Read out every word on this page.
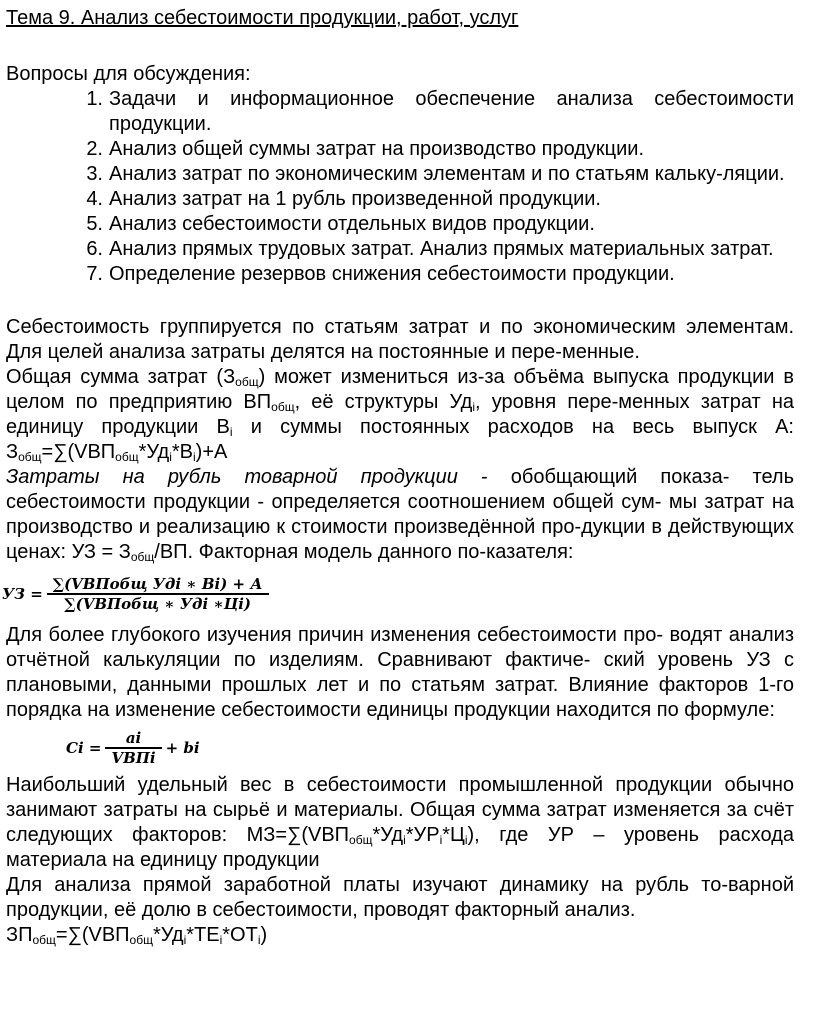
Тема 9. Анализ себестоимости продукции, работ, услуг

Вопросы для обсуждения:

1. Задачи и информационное обеспечение анализа себестоимости продукции.
2. Анализ общей суммы затрат на производство продукции.
3. Анализ затрат по экономическим элементам и по статьям кальку-ляции.
4. Анализ затрат на 1 рубль произведенной продукции.
5. Анализ себестоимости отдельных видов продукции.
6. Анализ прямых трудовых затрат. Анализ прямых материальных затрат.
7. Определение резервов снижения себестоимости продукции.

Себестоимость группируется по статьям затрат и по экономическим элементам. Для целей анализа затраты делятся на постоянные и пере-менные.

Общая сумма затрат $(З_{общ})$ может измениться из-за объёма выпуска продукции в целом по предприятию $ВП_{общ}$, её структуры $Уд_i$, уровня пере-менных затрат на единицу продукции $В_i$ и суммы постоянных расходов на весь выпуск А: $З_{общ}=\sum(VВП_{общ}*Уд_i*В_i)+А$

Затраты на рубль товарной продукции - обобщающий показа- тель себестоимости продукции - определяется соотношением общей сум- мы затрат на производство и реализацию к стоимости произведённой про-дукции в действующих ценах: УЗ = $З_{общ}/ВП$. Факторная модель данного по-казателя:

УЗ = $\frac{\text{∑(VВПобщ Удi ∗ Вi) + А}}{\text{∑(VВПобщ ∗ Удi ∗Цi)}}$

Для более глубокого изучения причин изменения себестоимости про- водят анализ отчётной калькуляции по изделиям. Сравнивают фактиче- ский уровень УЗ с плановыми, данными прошлых лет и по статьям затрат. Влияние факторов 1-го порядка на изменение себестоимости единицы продукции находится по формуле:

$Ci = \frac{ai}{\text{VВПi}}$ + bi

Наибольший удельный вес в себестоимости промышленной продукции обычно занимают затраты на сырьё и материалы. Общая сумма затрат изменяется за счёт следующих факторов: $МЗ=\sum(VВП_{общ}*Уд_i*УР_i*Ц_i)$, где УР – уровень расхода материала на единицу продукции

Для анализа прямой заработной платы изучают динамику на рубль то-варной продукции, её долю в себестоимости, проводят факторный анализ.

$ЗП_{общ}=\sum(VВП_{общ}*Уд_i*ТЕ_i*ОТ_i)$
